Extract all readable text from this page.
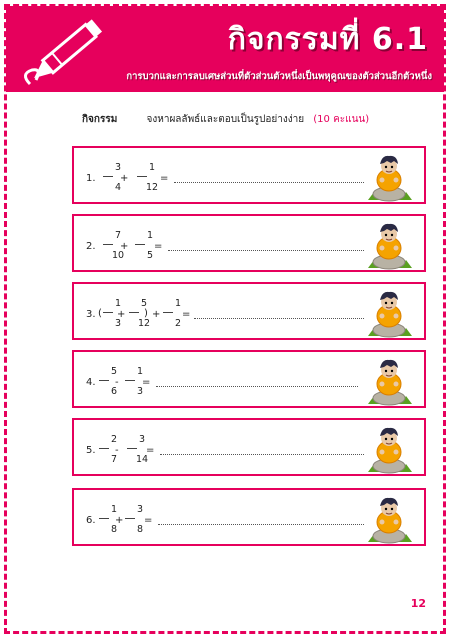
กิจกรรมที่ 6.1
การบวกและการลบเศษส่วนที่ตัวส่วนตัวหนึ่งเป็นพหุคูณของตัวส่วนอีกตัวหนึ่ง
กิจกรรม	จงหาผลลัพธ์และตอบเป็นรูปอย่างง่าย (10 คะแนน)
1.
3
4
+
1
12
=
2.
7
10
+
1
5
=
3. (
1
3
+
5
12
) +
1
2
=
4.
5
6
-
1
3
=
5.
2
7
-
3
14
=
6.
1
8
+
3
8
=
12
